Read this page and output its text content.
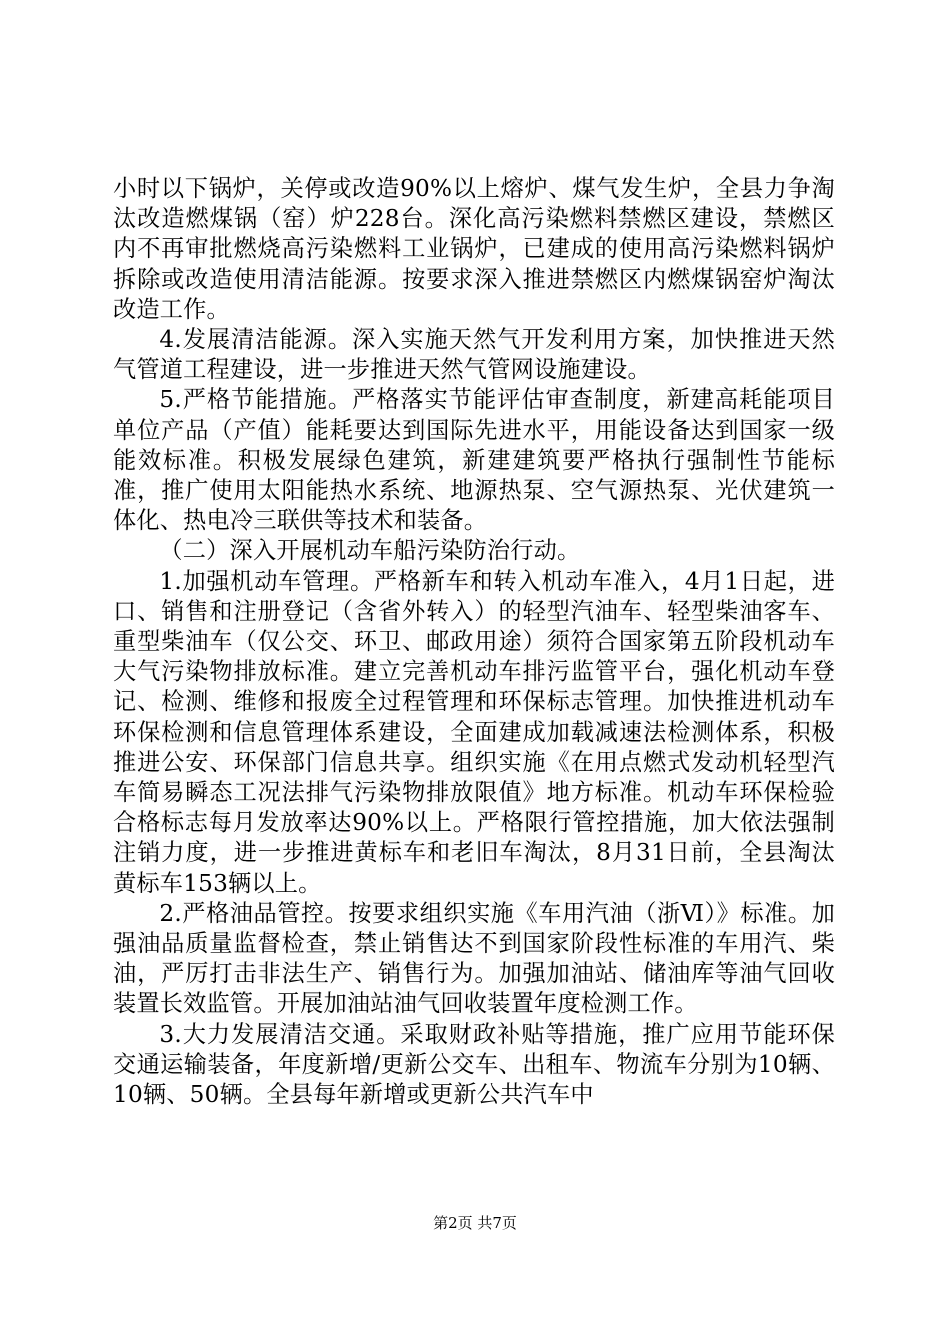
小时以下锅炉，关停或改造90%以上熔炉、煤气发生炉，全县力争淘汰改造燃煤锅（窑）炉228台。深化高污染燃料禁燃区建设，禁燃区内不再审批燃烧高污染燃料工业锅炉，已建成的使用高污染燃料锅炉拆除或改造使用清洁能源。按要求深入推进禁燃区内燃煤锅窑炉淘汰改造工作。

4.发展清洁能源。深入实施天然气开发利用方案，加快推进天然气管道工程建设，进一步推进天然气管网设施建设。

5.严格节能措施。严格落实节能评估审查制度，新建高耗能项目单位产品（产值）能耗要达到国际先进水平，用能设备达到国家一级能效标准。积极发展绿色建筑，新建建筑要严格执行强制性节能标准，推广使用太阳能热水系统、地源热泵、空气源热泵、光伏建筑一体化、热电冷三联供等技术和装备。

（二）深入开展机动车船污染防治行动。

1.加强机动车管理。严格新车和转入机动车准入，4月1日起，进口、销售和注册登记（含省外转入）的轻型汽油车、轻型柴油客车、重型柴油车（仅公交、环卫、邮政用途）须符合国家第五阶段机动车大气污染物排放标准。建立完善机动车排污监管平台，强化机动车登记、检测、维修和报废全过程管理和环保标志管理。加快推进机动车环保检测和信息管理体系建设，全面建成加载减速法检测体系，积极推进公安、环保部门信息共享。组织实施《在用点燃式发动机轻型汽车简易瞬态工况法排气污染物排放限值》地方标准。机动车环保检验合格标志每月发放率达90%以上。严格限行管控措施，加大依法强制注销力度，进一步推进黄标车和老旧车淘汰，8月31日前，全县淘汰黄标车153辆以上。

2.严格油品管控。按要求组织实施《车用汽油（浙Ⅵ）》标准。加强油品质量监督检查，禁止销售达不到国家阶段性标准的车用汽、柴油，严厉打击非法生产、销售行为。加强加油站、储油库等油气回收装置长效监管。开展加油站油气回收装置年度检测工作。

3.大力发展清洁交通。采取财政补贴等措施，推广应用节能环保交通运输装备，年度新增/更新公交车、出租车、物流车分别为10辆、10辆、50辆。全县每年新增或更新公共汽车中

第2页 共7页
